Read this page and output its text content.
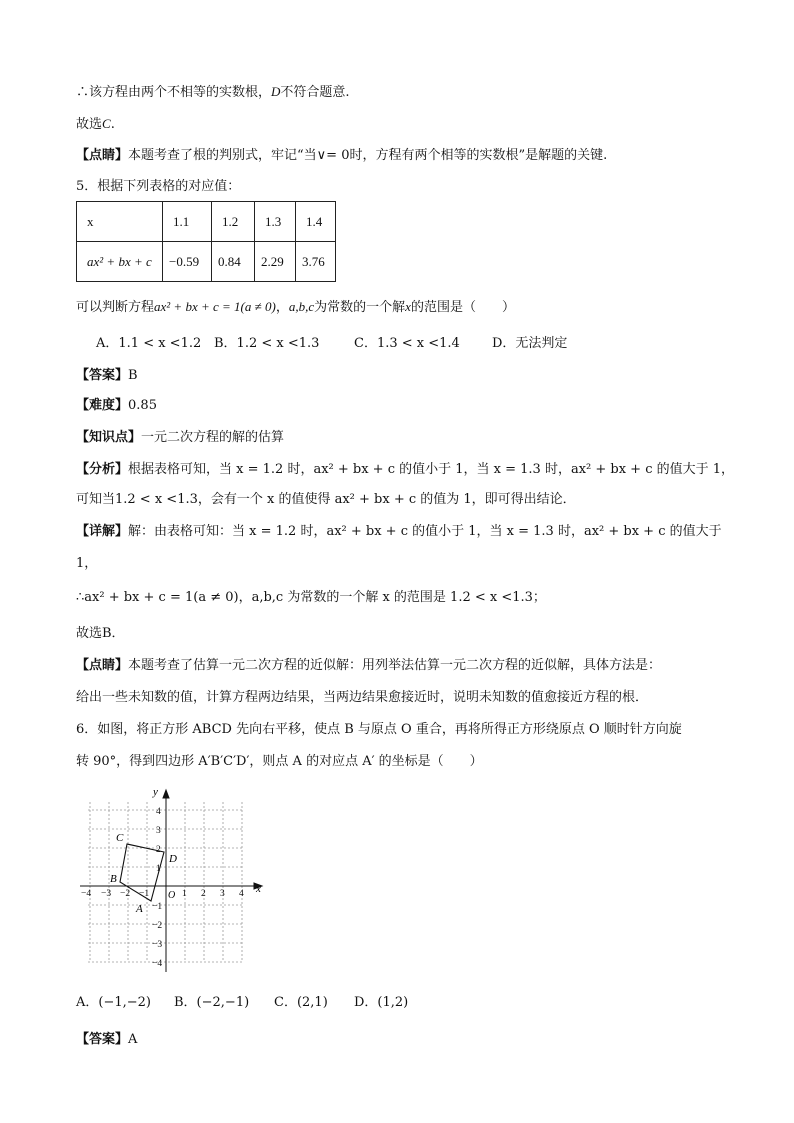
∴该方程由两个不相等的实数根，D不符合题意.
故选C.
【点睛】本题考查了根的判别式，牢记“当∨= 0时，方程有两个相等的实数根”是解题的关键.
5．根据下列表格的对应值：
x	1.1	1.2	1.3	1.4
ax² + bx + c	−0.59	0.84	2.29	3.76
可以判断方程ax² + bx + c = 1(a ≠ 0)，a,b,c为常数的一个解x的范围是（　　）
A．1.1 < x <1.2 B．1.2 < x <1.3	C．1.3 < x <1.4 D．无法判定
【答案】B
【难度】0.85
【知识点】一元二次方程的解的估算
【分析】根据表格可知，当 x = 1.2 时，ax² + bx + c 的值小于 1，当 x = 1.3 时，ax² + bx + c 的值大于 1，
可知当1.2 < x <1.3，会有一个 x 的值使得 ax² + bx + c 的值为 1，即可得出结论．
【详解】解：由表格可知：当 x = 1.2 时，ax² + bx + c 的值小于 1，当 x = 1.3 时，ax² + bx + c 的值大于
1，
∴ax² + bx + c = 1(a ≠ 0)，a,b,c 为常数的一个解 x 的范围是 1.2 < x <1.3；
故选B．
【点睛】本题考查了估算一元二次方程的近似解：用列举法估算一元二次方程的近似解，具体方法是：
给出一些未知数的值，计算方程两边结果，当两边结果愈接近时，说明未知数的值愈接近方程的根．
6．如图，将正方形 ABCD 先向右平移，使点 B 与原点 O 重合，再将所得正方形绕原点 O 顺时针方向旋
转 90°，得到四边形 A′B′C′D′，则点 A 的对应点 A′ 的坐标是（　　）
x
y
O
−4 −3 −2 −1	1 2 3 4
4
3
2
1
−1
−2
−3
−4
B
C
D
A
A．(−1,−2) B．(−2,−1) C．(2,1) D．(1,2)
【答案】A
